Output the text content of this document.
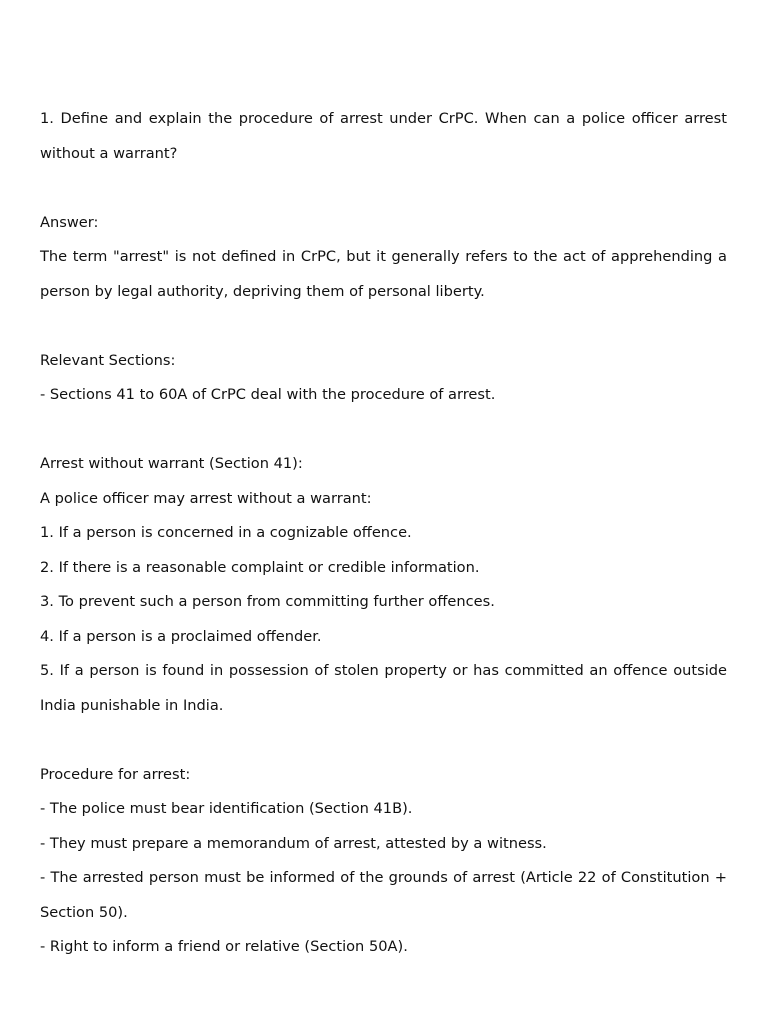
1. Define and explain the procedure of arrest under CrPC. When can a police officer arrest without a warrant?

Answer:

The term "arrest" is not defined in CrPC, but it generally refers to the act of apprehending a person by legal authority, depriving them of personal liberty.

Relevant Sections:

- Sections 41 to 60A of CrPC deal with the procedure of arrest.

Arrest without warrant (Section 41):

A police officer may arrest without a warrant:

1. If a person is concerned in a cognizable offence.

2. If there is a reasonable complaint or credible information.

3. To prevent such a person from committing further offences.

4. If a person is a proclaimed offender.

5. If a person is found in possession of stolen property or has committed an offence outside India punishable in India.

Procedure for arrest:

- The police must bear identification (Section 41B).

- They must prepare a memorandum of arrest, attested by a witness.

- The arrested person must be informed of the grounds of arrest (Article 22 of Constitution + Section 50).

- Right to inform a friend or relative (Section 50A).
